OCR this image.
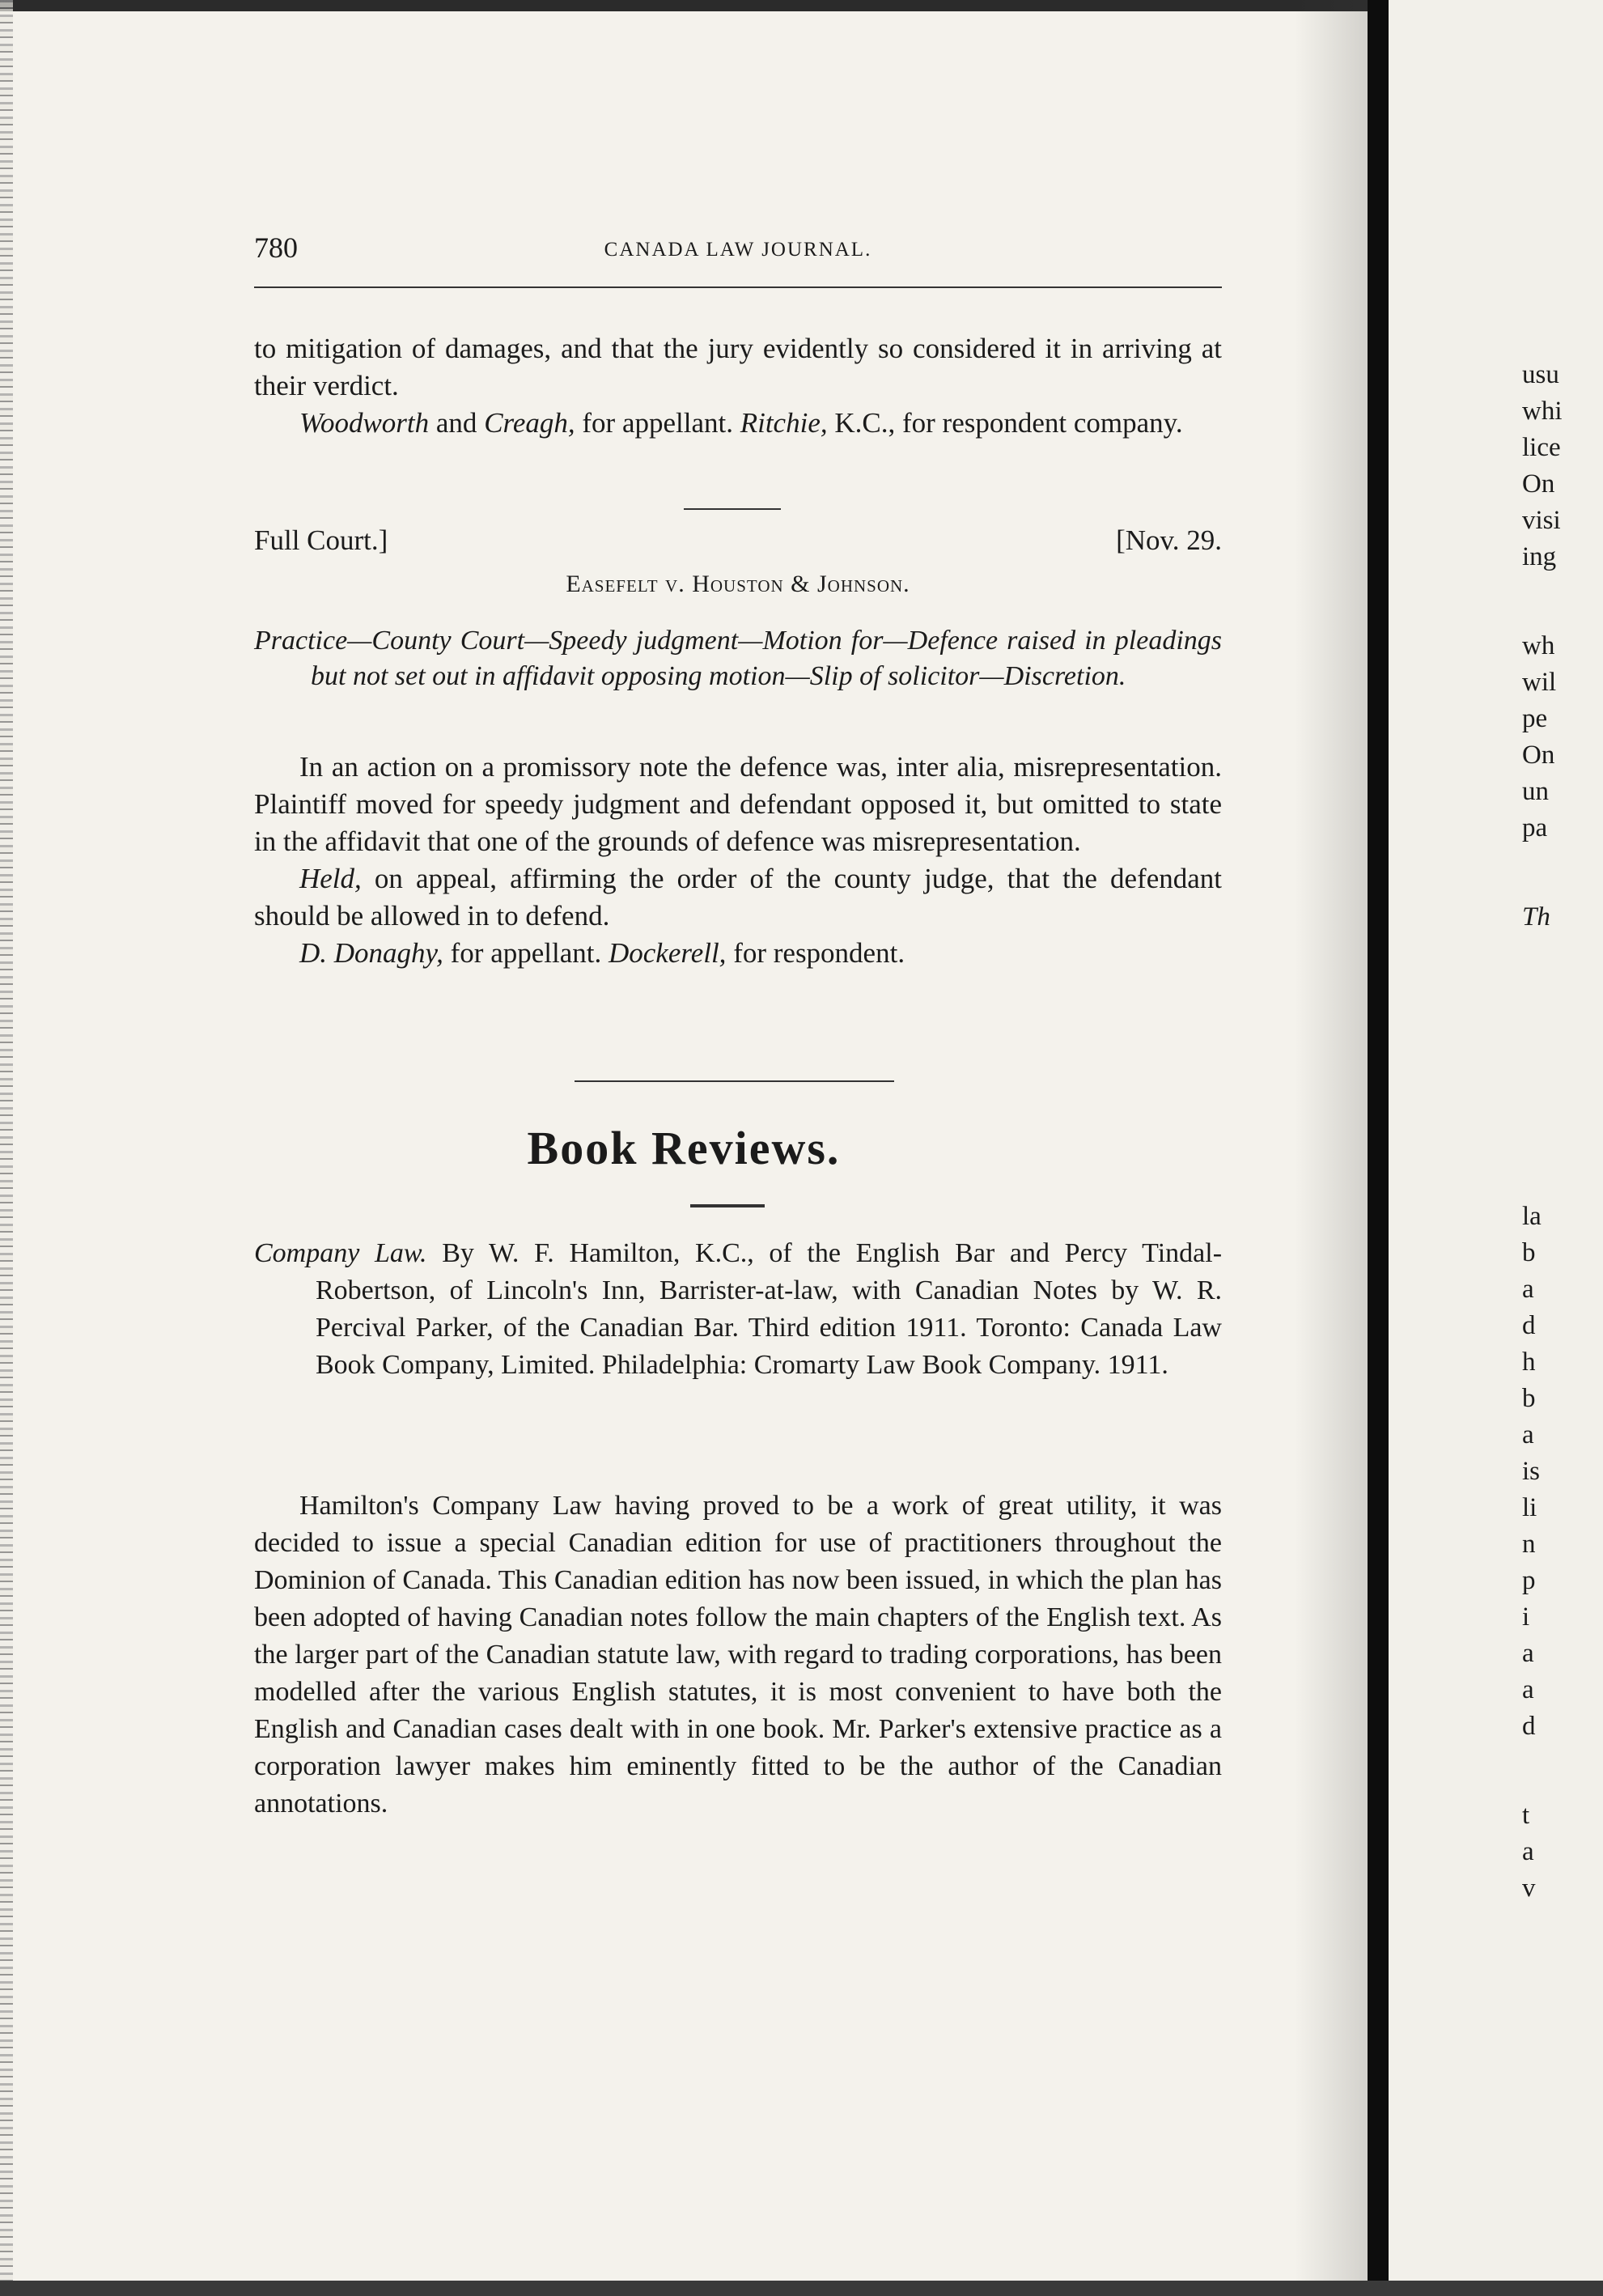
780	CANADA LAW JOURNAL.

to mitigation of damages, and that the jury evidently so considered it in arriving at their verdict.

Woodworth and Creagh, for appellant. Ritchie, K.C., for respondent company.

Full Court.]	[Nov. 29.
Easefelt v. Houston & Johnson.

Practice—County Court—Speedy judgment—Motion for—Defence raised in pleadings but not set out in affidavit opposing motion—Slip of solicitor—Discretion.

In an action on a promissory note the defence was, inter alia, misrepresentation. Plaintiff moved for speedy judgment and defendant opposed it, but omitted to state in the affidavit that one of the grounds of defence was misrepresentation.

Held, on appeal, affirming the order of the county judge, that the defendant should be allowed in to defend.

D. Donaghy, for appellant. Dockerell, for respondent.

Book Reviews.

Company Law. By W. F. Hamilton, K.C., of the English Bar and Percy Tindal-Robertson, of Lincoln's Inn, Barrister-at-law, with Canadian Notes by W. R. Percival Parker, of the Canadian Bar. Third edition 1911. Toronto: Canada Law Book Company, Limited. Philadelphia: Cromarty Law Book Company. 1911.

Hamilton's Company Law having proved to be a work of great utility, it was decided to issue a special Canadian edition for use of practitioners throughout the Dominion of Canada. This Canadian edition has now been issued, in which the plan has been adopted of having Canadian notes follow the main chapters of the English text. As the larger part of the Canadian statute law, with regard to trading corporations, has been modelled after the various English statutes, it is most convenient to have both the English and Canadian cases dealt with in one book. Mr. Parker's extensive practice as a corporation lawyer makes him eminently fitted to be the author of the Canadian annotations.

usu
whi
lice
On
visi
ing
wh
wil
pe
On
un
pa
Th
la
b
a
d
h
b
a
is
li
n
p
i
a
a
d
t
a
v
